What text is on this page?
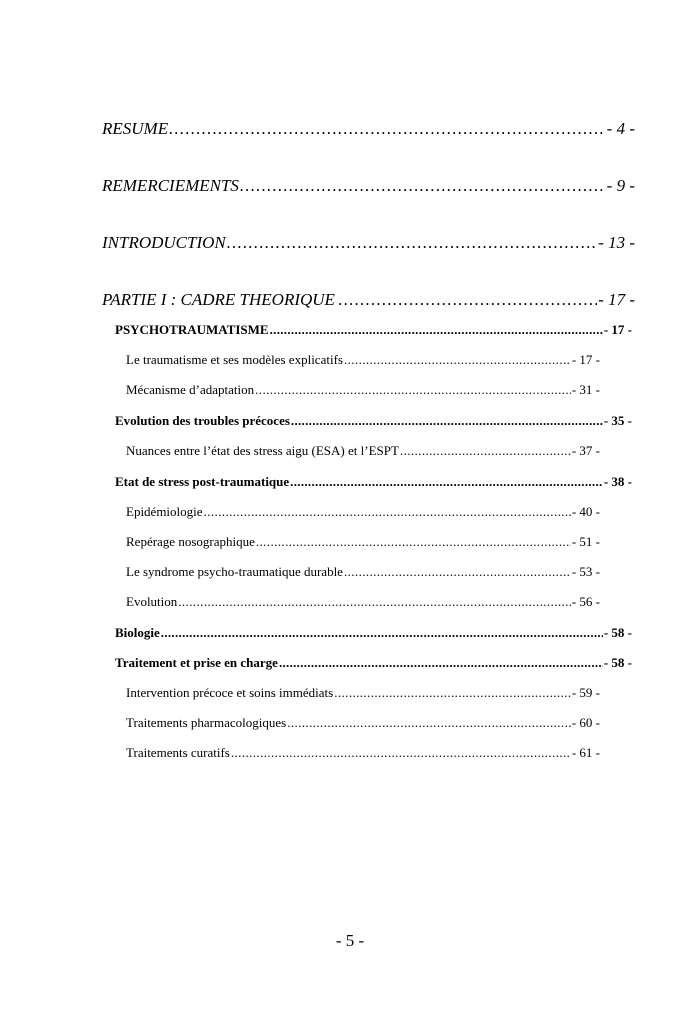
RESUME .....	- 4 -
REMERCIEMENTS .....	- 9 -
INTRODUCTION .....	- 13 -
PARTIE I : CADRE THEORIQUE .....	- 17 -
PSYCHOTRAUMATISME .....	- 17 -
Le traumatisme et ses modèles explicatifs .....	- 17 -
Mécanisme d’adaptation .....	- 31 -
Evolution des troubles précoces .....	- 35 -
Nuances entre l’état des stress aigu (ESA) et l’ESPT .....	- 37 -
Etat de stress post-traumatique .....	- 38 -
Epidémiologie .....	- 40 -
Repérage nosographique .....	- 51 -
Le syndrome psycho-traumatique durable .....	- 53 -
Evolution .....	- 56 -
Biologie .....	- 58 -
Traitement et prise en charge .....	- 58 -
Intervention précoce et soins immédiats .....	- 59 -
Traitements pharmacologiques .....	- 60 -
Traitements curatifs .....	- 61 -
- 5 -
